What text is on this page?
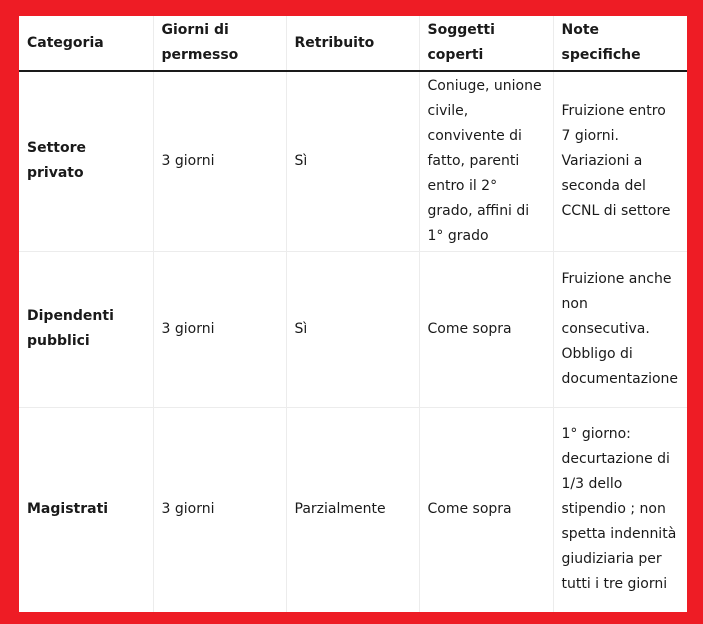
Categoria	Giorni di permesso	Retribuito	Soggetti coperti	Note specifiche
Settore privato	3 giorni	Sì	Coniuge, unione civile, convivente di fatto, parenti entro il 2° grado, affini di 1° grado	Fruizione entro 7 giorni. Variazioni a seconda del CCNL di settore
Dipendenti pubblici	3 giorni	Sì	Come sopra	Fruizione anche non consecutiva. Obbligo di documentazione
Magistrati	3 giorni	Parzialmente	Come sopra	1° giorno: decurtazione di 1/3 dello stipendio ; non spetta indennità giudiziaria per tutti i tre giorni
